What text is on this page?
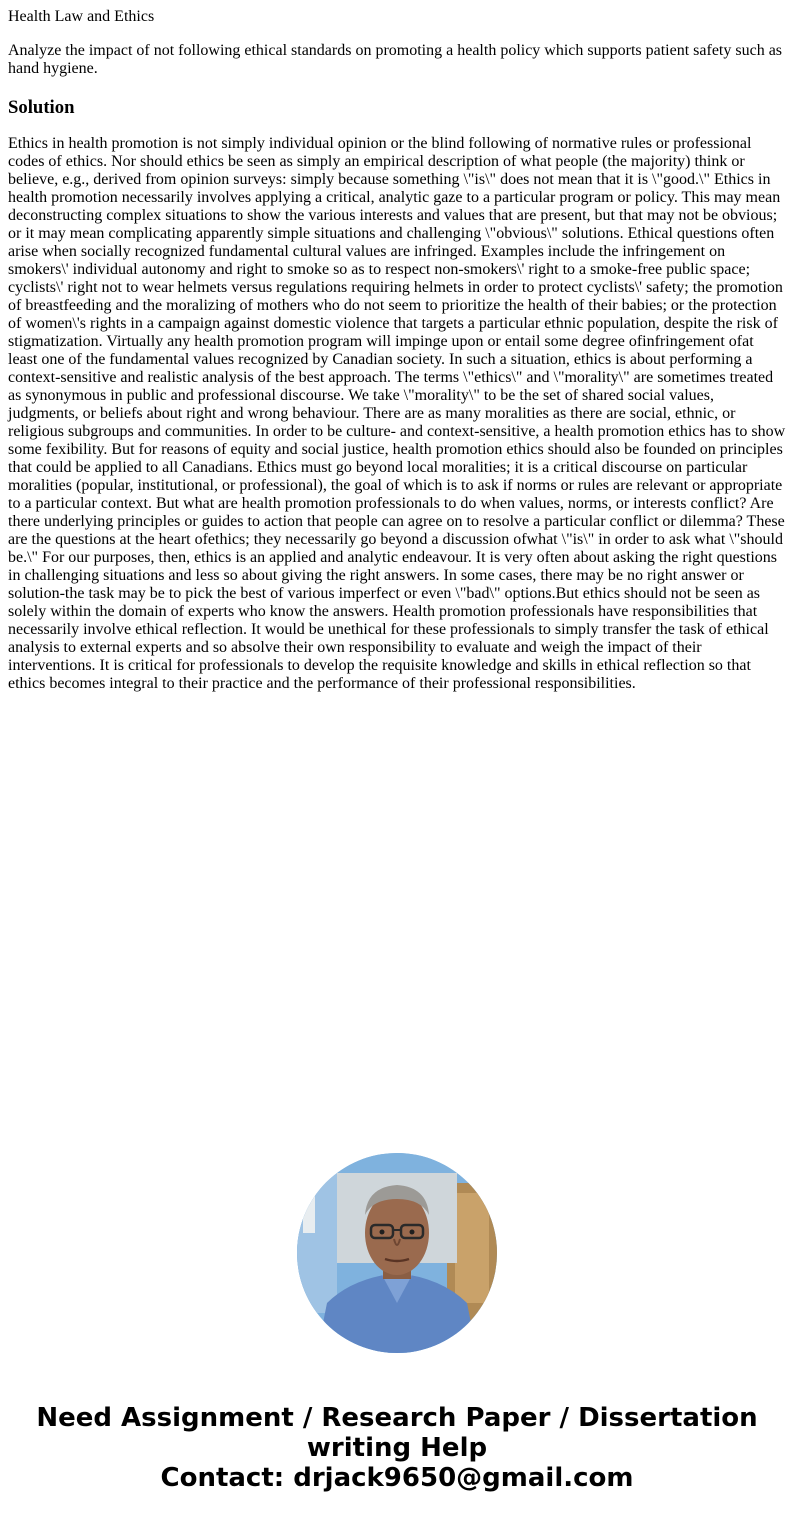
Health Law and Ethics

Analyze the impact of not following ethical standards on promoting a health policy which supports patient safety such as hand hygiene.

Solution

Ethics in health promotion is not simply individual opinion or the blind following of normative rules or professional codes of ethics. Nor should ethics be seen as simply an empirical description of what people (the majority) think or believe, e.g., derived from opinion surveys: simply because something \"is\" does not mean that it is \"good.\" Ethics in health promotion necessarily involves applying a critical, analytic gaze to a particular program or policy. This may mean deconstructing complex situations to show the various interests and values that are present, but that may not be obvious; or it may mean complicating apparently simple situations and challenging \"obvious\" solutions. Ethical questions often arise when socially recognized fundamental cultural values are infringed. Examples include the infringement on smokers\' individual autonomy and right to smoke so as to respect non-smokers\' right to a smoke-free public space; cyclists\' right not to wear helmets versus regulations requiring helmets in order to protect cyclists\' safety; the promotion of breastfeeding and the moralizing of mothers who do not seem to prioritize the health of their babies; or the protection of women\'s rights in a campaign against domestic violence that targets a particular ethnic population, despite the risk of stigmatization. Virtually any health promotion program will impinge upon or entail some degree ofinfringement ofat least one of the fundamental values recognized by Canadian society. In such a situation, ethics is about performing a context-sensitive and realistic analysis of the best approach. The terms \"ethics\" and \"morality\" are sometimes treated as synonymous in public and professional discourse. We take \"morality\" to be the set of shared social values, judgments, or beliefs about right and wrong behaviour. There are as many moralities as there are social, ethnic, or religious subgroups and communities. In order to be culture- and context-sensitive, a health promotion ethics has to show some fexibility. But for reasons of equity and social justice, health promotion ethics should also be founded on principles that could be applied to all Canadians. Ethics must go beyond local moralities; it is a critical discourse on particular moralities (popular, institutional, or professional), the goal of which is to ask if norms or rules are relevant or appropriate to a particular context. But what are health promotion professionals to do when values, norms, or interests conflict? Are there underlying principles or guides to action that people can agree on to resolve a particular conflict or dilemma? These are the questions at the heart ofethics; they necessarily go beyond a discussion ofwhat \"is\" in order to ask what \"should be.\" For our purposes, then, ethics is an applied and analytic endeavour. It is very often about asking the right questions in challenging situations and less so about giving the right answers. In some cases, there may be no right answer or solution-the task may be to pick the best of various imperfect or even \"bad\" options.But ethics should not be seen as solely within the domain of experts who know the answers. Health promotion professionals have responsibilities that necessarily involve ethical reflection. It would be unethical for these professionals to simply transfer the task of ethical analysis to external experts and so absolve their own responsibility to evaluate and weigh the impact of their interventions. It is critical for professionals to develop the requisite knowledge and skills in ethical reflection so that ethics becomes integral to their practice and the performance of their professional responsibilities.

Need Assignment / Research Paper / Dissertation
writing Help
Contact: drjack9650@gmail.com
